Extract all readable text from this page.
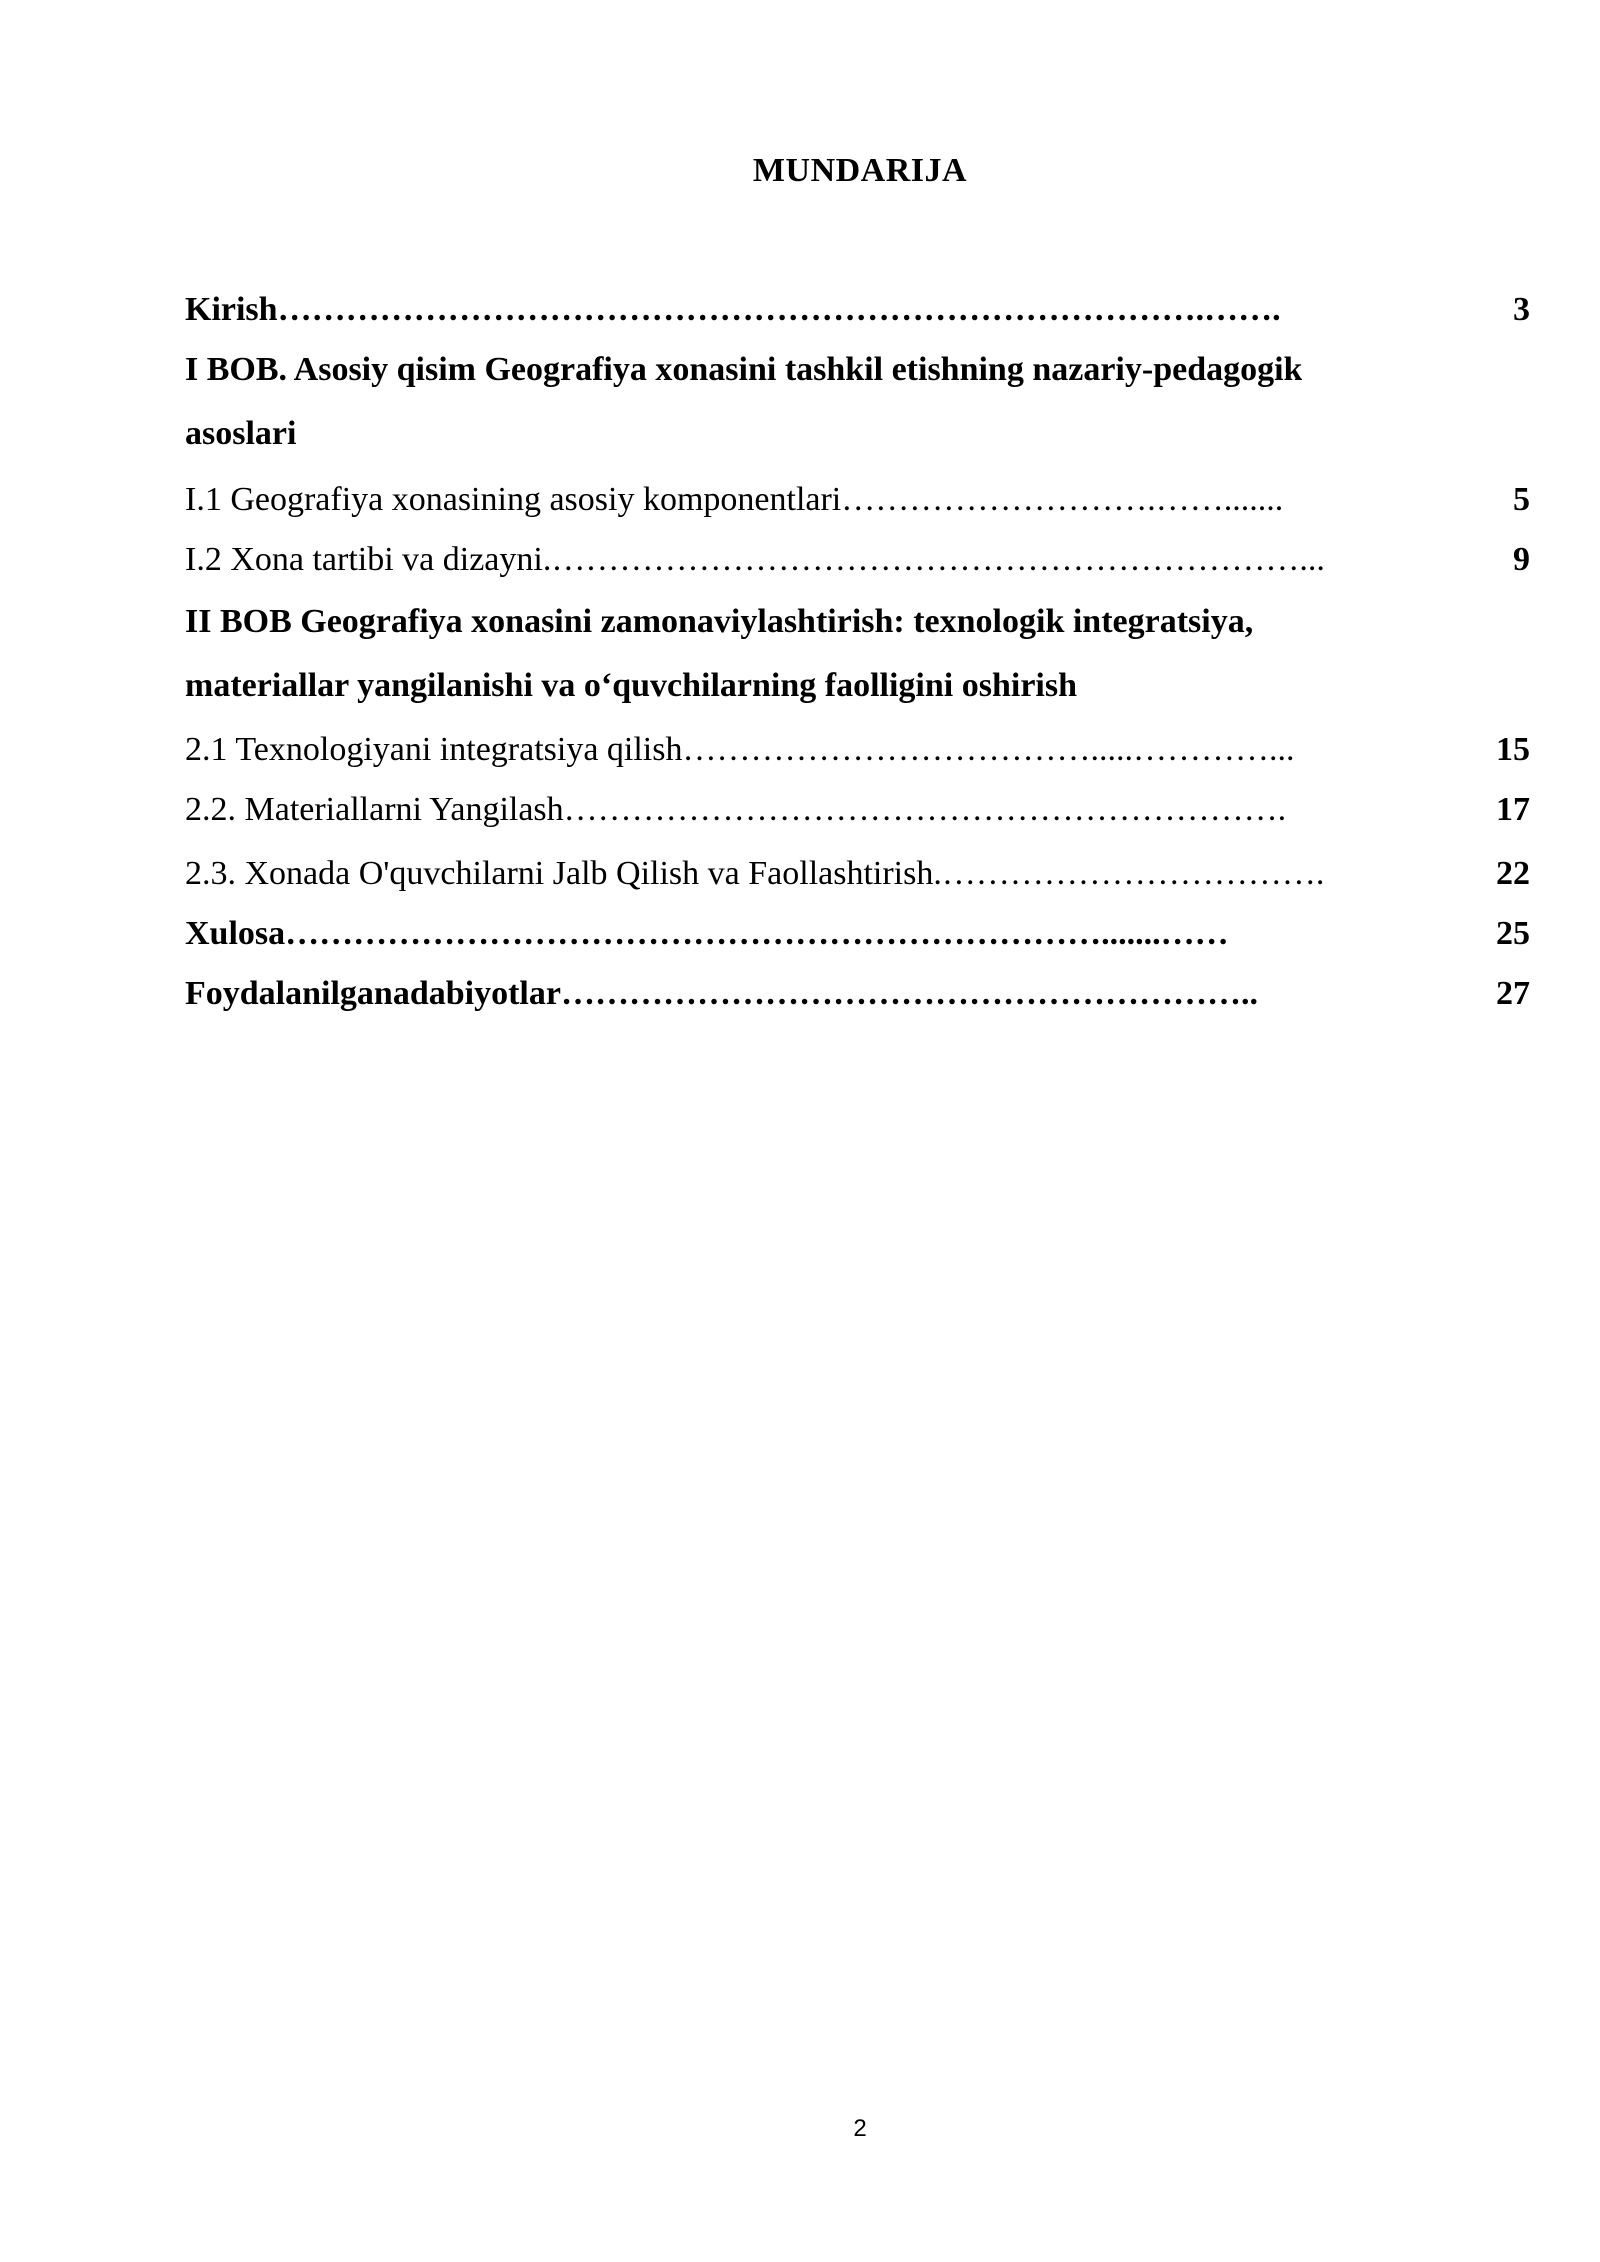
MUNDARIJA
Kirish ……………………………………………………………………….…….	3
I BOB. Asosiy qisim Geografiya xonasini tashkil etishning nazariy-pedagogik
asoslari
I.1 Geografiya xonasining asosiy komponentlari ……………………….…….......	5
I.2 Xona tartibi va dizayni. …………………………………………………………...	9
II BOB Geografiya xonasini zamonaviylashtirish: texnologik integratsiya,
materiallar yangilanishi va o‘quvchilarning faolligini oshirish
2.1 Texnologiyani integratsiya qilish ……………………………….....…………...	15
2.2. Materiallarni Yangilash ……………………………………………………….	17
2.3. Xonada O'quvchilarni Jalb Qilish va Faollashtirish. …………………………….	22
Xulosa ……………………………………………………………….......……	25
Foydalanilganadabiyotlar ……………………………………………………..	27
2
